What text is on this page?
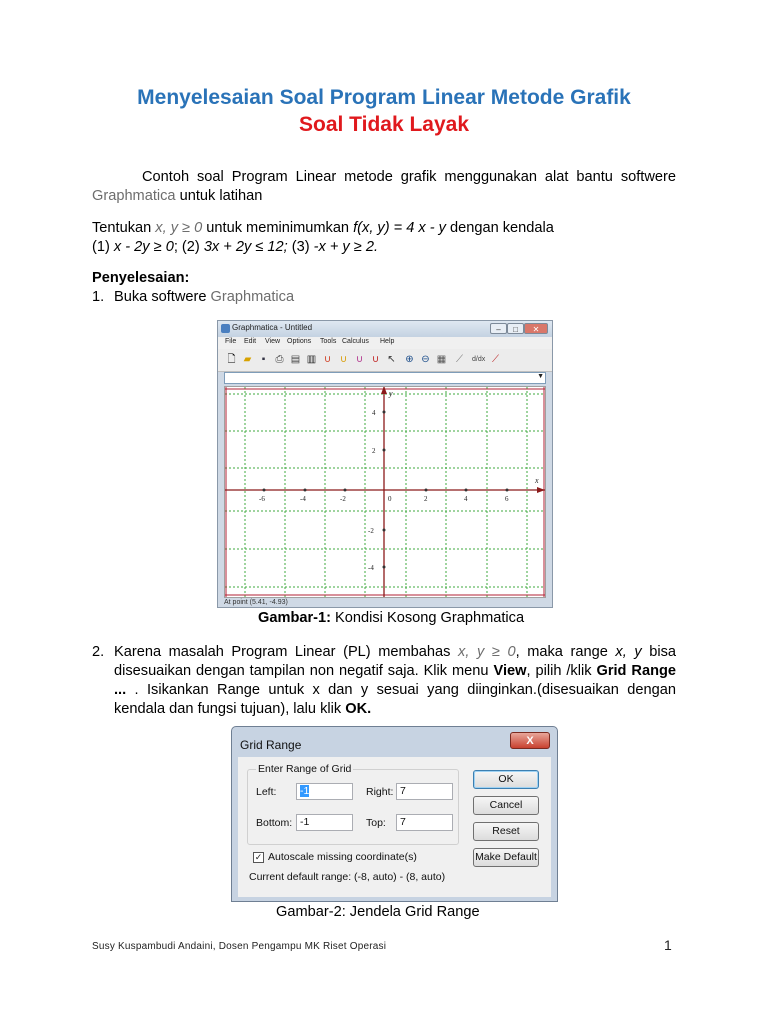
Menyelesaian Soal Program Linear Metode Grafik
Soal Tidak Layak
Contoh soal Program Linear metode grafik menggunakan alat bantu softwere Graphmatica untuk latihan
Tentukan x, y ≥ 0 untuk meminimumkan f(x, y) = 4 x - y dengan kendala
(1) x - 2y ≥ 0; (2) 3x + 2y ≤ 12; (3) -x + y ≥ 2.
Penyelesaian:
1. Buka softwere Graphmatica
Graphmatica - Untitled	–	□	✕
File Edit View Options Tools Calculus Help
🗋 ▰	▪	⎙ ▤ ▥ ∪ ∪ ∪ ∪ ↖ ⊕ ⊖ ▦ ⟋ d/dx ⟋
▼
-6	-4	-2	0	2	4	6
4
2
-2
-4
x
y
At point (5.41, -4.93)
Gambar-1: Kondisi Kosong Graphmatica
2. Karena masalah Program Linear (PL) membahas x, y ≥ 0, maka range x, y bisa disesuaikan dengan tampilan non negatif saja. Klik menu View, pilih /klik Grid Range ... . Isikankan Range untuk x dan y sesuai yang diinginkan.(disesuaikan dengan kendala dan fungsi tujuan), lalu klik OK.
Grid Range	X
Enter Range of Grid
Left:	-1	Right: 7
Bottom: -1	Top:	7
OK
Cancel
Reset
Make Default
✓ Autoscale missing coordinate(s)
Current default range: (-8, auto) - (8, auto)
Gambar-2: Jendela Grid Range
Susy Kuspambudi Andaini, Dosen Pengampu MK Riset Operasi	1
